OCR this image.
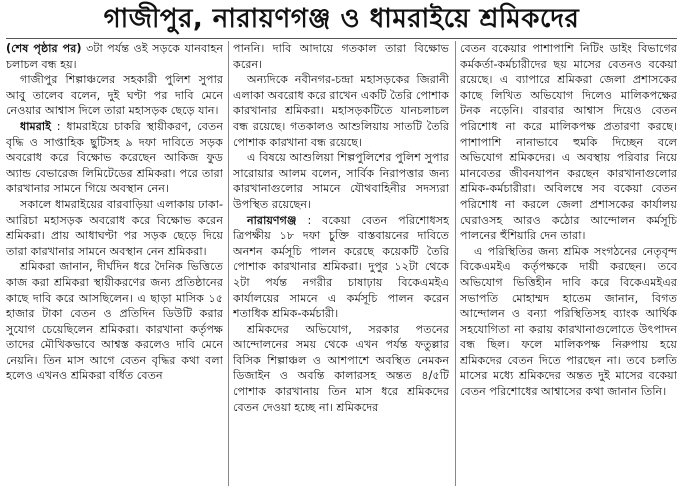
গাজীপুর, নারায়ণগঞ্জ ও ধামরাইয়ে শ্রমিকদের

(শেষ পৃষ্ঠার পর) ৩টা পর্যন্ত ওই সড়কে যানবাহন চলাচল বন্ধ হয়।

গাজীপুর শিল্পাঞ্চলের সহকারী পুলিশ সুপার আবু তালেব বলেন, দুই ঘণ্টা পর দাবি মেনে নেওয়ার আশ্বাস দিলে তারা মহাসড়ক ছেড়ে যান।

ধামরাই : ধামরাইয়ে চাকরি স্থায়ীকরণ, বেতন বৃদ্ধি ও সাপ্তাহিক ছুটিসহ ৯ দফা দাবিতে সড়ক অবরোধ করে বিক্ষোভ করেছেন আকিজ ফুড অ্যান্ড বেভারেজ লিমিটেডের শ্রমিকরা। পরে তারা কারখানার সামনে গিয়ে অবস্থান নেন।

সকালে ধামরাইয়ের বারবাড়িয়া এলাকায় ঢাকা-আরিচা মহাসড়ক অবরোধ করে বিক্ষোভ করেন শ্রমিকরা। প্রায় আধাঘণ্টা পর সড়ক ছেড়ে দিয়ে তারা কারখানার সামনে অবস্থান নেন শ্রমিকরা।

শ্রমিকরা জানান, দীর্ঘদিন ধরে দৈনিক ভিত্তিতে কাজ করা শ্রমিকরা স্থায়ীকরণের জন্য প্রতিষ্ঠানের কাছে দাবি করে আসছিলেন। এ ছাড়া মাসিক ১৫ হাজার টাকা বেতন ও প্রতিদিন ডিউটি করার সুযোগ চেয়েছিলেন শ্রমিকরা। কারখানা কর্তৃপক্ষ তাদের মৌখিকভাবে আশ্বস্ত করলেও দাবি মেনে নেয়নি। তিন মাস আগে বেতন বৃদ্ধির কথা বলা হলেও এখনও শ্রমিকরা বর্ধিত বেতন

পাননি। দাবি আদায়ে গতকাল তারা বিক্ষোভ করেন।

অন্যদিকে নবীনগর-চন্দ্রা মহাসড়কের জিরানী এলাকা অবরোধ করে রাখেন একটি তৈরি পোশাক কারখানার শ্রমিকরা। মহাসড়কটিতে যানচলাচল বন্ধ রয়েছে। গতকালও আশুলিয়ায় সাতটি তৈরি পোশাক কারখানা বন্ধ রয়েছে।

এ বিষয়ে আশুলিয়া শিল্পপুলিশের পুলিশ সুপার সারোয়ার আলম বলেন, সার্বিক নিরাপত্তার জন্য কারখানাগুলোর সামনে যৌথবাহিনীর সদস্যরা উপস্থিত রয়েছেন।

নারায়ণগঞ্জ : বকেয়া বেতন পরিশোধসহ ত্রিপক্ষীয় ১৮ দফা চুক্তি বাস্তবায়নের দাবিতে অনশন কর্মসূচি পালন করেছে কয়েকটি তৈরি পোশাক কারখানার শ্রমিকরা। দুপুর ১২টা থেকে ২টা পর্যন্ত নগরীর চাষাঢ়ায় বিকেএমইএ কার্যালয়ের সামনে এ কর্মসূচি পালন করেন শতাধিক শ্রমিক-কর্মচারী।

শ্রমিকদের অভিযোগ, সরকার পতনের আন্দোলনের সময় থেকে এখন পর্যন্ত ফতুল্লার বিসিক শিল্পাঞ্চল ও আশপাশে অবস্থিত নেমকন ডিজাইন ও অবন্তি কালারসহ অন্তত ৪/৫টি পোশাক কারখানায় তিন মাস ধরে শ্রমিকদের বেতন দেওয়া হচ্ছে না। শ্রমিকদের

বেতন বকেয়ার পাশাপাশি নিটিং ডাইং বিভাগের কর্মকর্তা-কর্মচারীদের ছয় মাসের বেতনও বকেয়া রয়েছে। এ ব্যাপারে শ্রমিকরা জেলা প্রশাসকের কাছে লিখিত অভিযোগ দিলেও মালিকপক্ষের টনক নড়েনি। বারবার আশ্বাস দিয়েও বেতন পরিশোধ না করে মালিকপক্ষ প্রতারণা করছে। পাশাপাশি নানাভাবে হুমকি দিচ্ছেন বলে অভিযোগ শ্রমিকদের। এ অবস্থায় পরিবার নিয়ে মানবেতর জীবনযাপন করছেন কারখানাগুলোর শ্রমিক-কর্মচারীরা। অবিলম্বে সব বকেয়া বেতন পরিশোধ না করলে জেলা প্রশাসকের কার্যালয় ঘেরাওসহ আরও কঠোর আন্দোলন কর্মসূচি পালনের হুঁশিয়ারি দেন তারা।

এ পরিস্থিতির জন্য শ্রমিক সংগঠনের নেতৃবৃন্দ বিকেএমইএ কর্তৃপক্ষকে দায়ী করছেন। তবে অভিযোগ ভিত্তিহীন দাবি করে বিকেএমইএর সভাপতি মোহাম্মদ হাতেম জানান, বিগত আন্দোলন ও বন্যা পরিস্থিতিসহ ব্যাংক আর্থিক সহযোগিতা না করায় কারখানাগুলোতে উৎপাদন বন্ধ ছিল। ফলে মালিকপক্ষ নিরুপায় হয়ে শ্রমিকদের বেতন দিতে পারছেন না। তবে চলতি মাসের মধ্যে শ্রমিকদের অন্তত দুই মাসের বকেয়া বেতন পরিশোধের আশ্বাসের কথা জানান তিনি।
